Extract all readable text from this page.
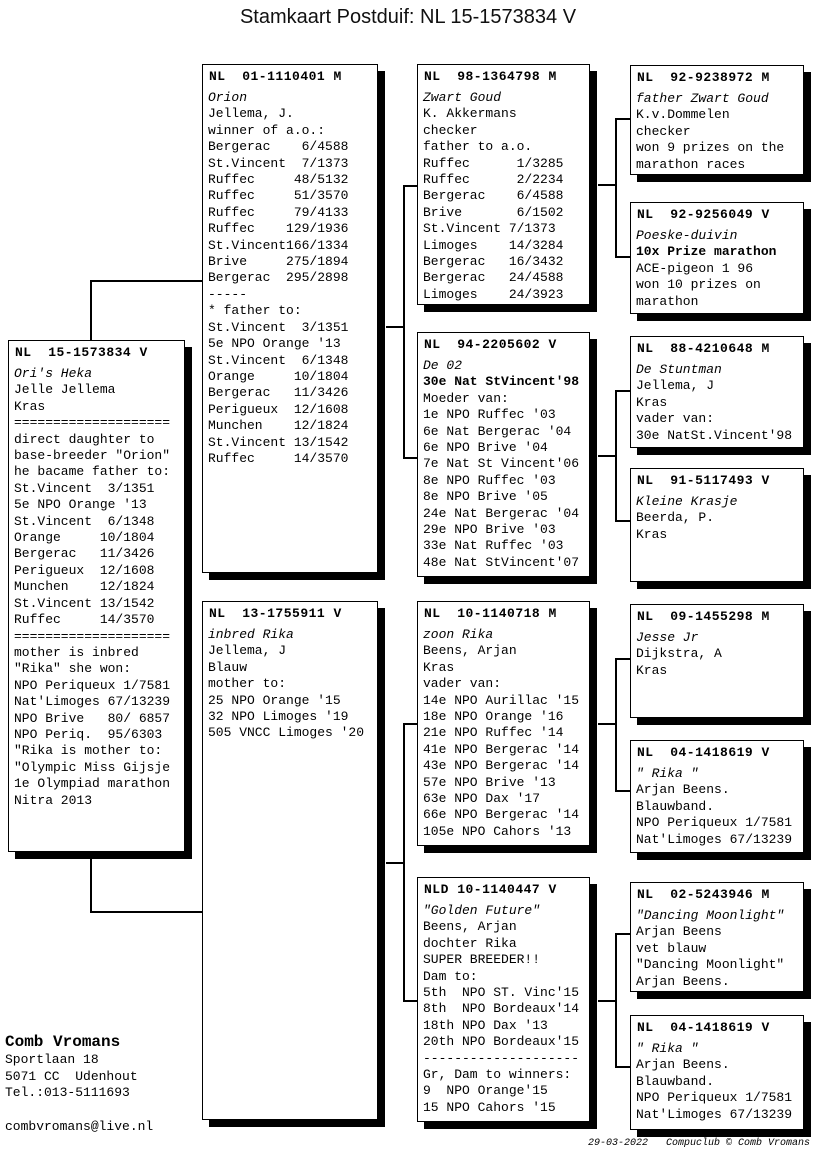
Stamkaart Postduif: NL 15-1573834 V
NL  15-1573834 V
Ori's Heka
Jelle Jellema
Kras
====================
direct daughter to
base-breeder "Orion"
he bacame father to:
St.Vincent  3/1351
5e NPO Orange '13
St.Vincent  6/1348
Orange     10/1804
Bergerac   11/3426
Perigueux  12/1608
Munchen    12/1824
St.Vincent 13/1542
Ruffec     14/3570
====================
mother is inbred
"Rika" she won:
NPO Periqueux 1/7581
Nat'Limoges 67/13239
NPO Brive   80/ 6857
NPO Periq.  95/6303
"Rika is mother to:
"Olympic Miss Gijsje
1e Olympiad marathon
Nitra 2013
NL  01-1110401 M
Orion
Jellema, J.
winner of a.o.:
Bergerac    6/4588
St.Vincent  7/1373
Ruffec     48/5132
Ruffec     51/3570
Ruffec     79/4133
Ruffec    129/1936
St.Vincent166/1334
Brive     275/1894
Bergerac  295/2898
-----
* father to:
St.Vincent  3/1351
5e NPO Orange '13
St.Vincent  6/1348
Orange     10/1804
Bergerac   11/3426
Perigueux  12/1608
Munchen    12/1824
St.Vincent 13/1542
Ruffec     14/3570
NL  13-1755911 V
inbred Rika
Jellema, J
Blauw
mother to:
25 NPO Orange '15
32 NPO Limoges '19
505 VNCC Limoges '20
NL  98-1364798 M
Zwart Goud
K. Akkermans
checker
father to a.o.
Ruffec      1/3285
Ruffec      2/2234
Bergerac    6/4588
Brive       6/1502
St.Vincent 7/1373
Limoges    14/3284
Bergerac   16/3432
Bergerac   24/4588
Limoges    24/3923
NL  94-2205602 V
De 02
30e Nat StVincent'98
Moeder van:
1e NPO Ruffec '03
6e Nat Bergerac '04
6e NPO Brive '04
7e Nat St Vincent'06
8e NPO Ruffec '03
8e NPO Brive '05
24e Nat Bergerac '04
29e NPO Brive '03
33e Nat Ruffec '03
48e Nat StVincent'07
NL  10-1140718 M
zoon Rika
Beens, Arjan
Kras
vader van:
14e NPO Aurillac '15
18e NPO Orange '16
21e NPO Ruffec '14
41e NPO Bergerac '14
43e NPO Bergerac '14
57e NPO Brive '13
63e NPO Dax '17
66e NPO Bergerac '14
105e NPO Cahors '13
NLD 10-1140447 V
"Golden Future"
Beens, Arjan
dochter Rika
SUPER BREEDER!!
Dam to:
5th  NPO ST. Vinc'15
8th  NPO Bordeaux'14
18th NPO Dax '13
20th NPO Bordeaux'15
--------------------
Gr, Dam to winners:
9  NPO Orange'15
15 NPO Cahors '15
NL  92-9238972 M
father Zwart Goud
K.v.Dommelen
checker
won 9 prizes on the
marathon races
NL  92-9256049 V
Poeske-duivin
10x Prize marathon
ACE-pigeon 1 96
won 10 prizes on
marathon
NL  88-4210648 M
De Stuntman
Jellema, J
Kras
vader van:
30e NatSt.Vincent'98
NL  91-5117493 V
Kleine Krasje
Beerda, P.
Kras
NL  09-1455298 M
Jesse Jr
Dijkstra, A
Kras
NL  04-1418619 V
" Rika "
Arjan Beens.
Blauwband.
NPO Periqueux 1/7581
Nat'Limoges 67/13239
NL  02-5243946 M
"Dancing Moonlight"
Arjan Beens
vet blauw
"Dancing Moonlight"
Arjan Beens.
NL  04-1418619 V
" Rika "
Arjan Beens.
Blauwband.
NPO Periqueux 1/7581
Nat'Limoges 67/13239
Comb Vromans
Sportlaan 18
5071 CC  Udenhout
Tel.:013-5111693
combvromans@live.nl
29-03-2022   Compuclub © Comb Vromans
